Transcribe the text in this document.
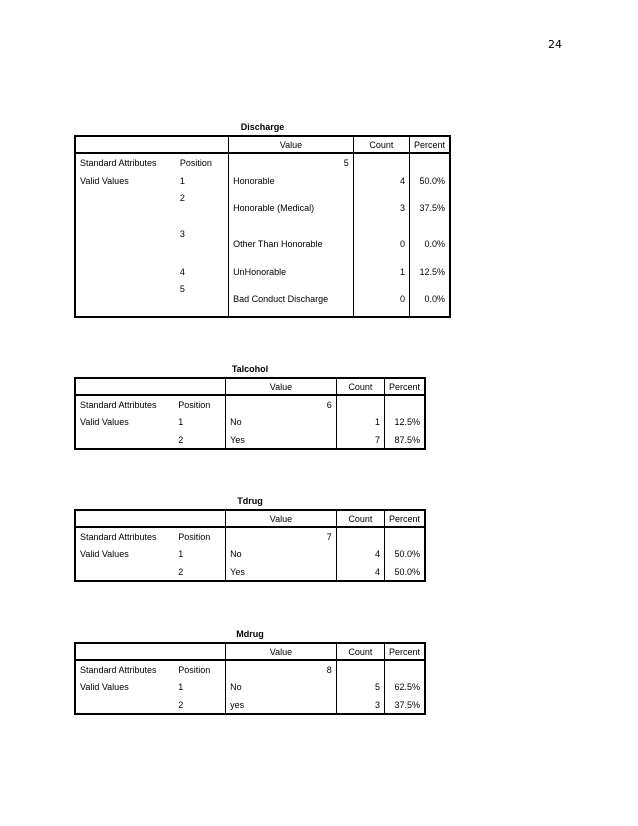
24
Discharge
		Value	Count	Percent
Standard Attributes	Position	5		
Valid Values	1	Honorable	4	50.0%
	2	Honorable (Medical)	3	37.5%
	3	Other Than Honorable	0	0.0%
	4	UnHonorable	1	12.5%
	5	Bad Conduct Discharge	0	0.0%
Talcohol
		Value	Count	Percent
Standard Attributes	Position	6		
Valid Values	1	No	1	12.5%
	2	Yes	7	87.5%
Tdrug
		Value	Count	Percent
Standard Attributes	Position	7		
Valid Values	1	No	4	50.0%
	2	Yes	4	50.0%
Mdrug
		Value	Count	Percent
Standard Attributes	Position	8		
Valid Values	1	No	5	62.5%
	2	yes	3	37.5%
